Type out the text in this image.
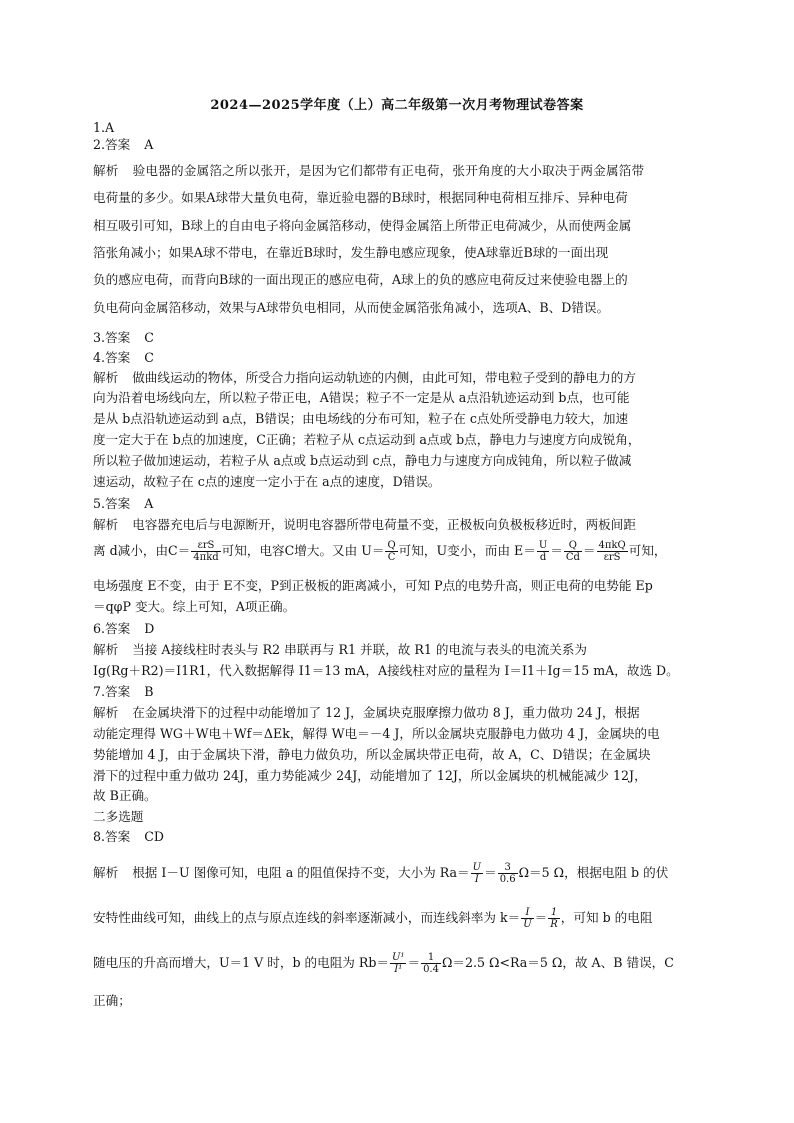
2024—2025学年度（上）高二年级第一次月考物理试卷答案
1.A
2.答案 A
解析 验电器的金属箔之所以张开，是因为它们都带有正电荷，张开角度的大小取决于两金属箔带
电荷量的多少。如果A球带大量负电荷，靠近验电器的B球时，根据同种电荷相互排斥、异种电荷
相互吸引可知，B球上的自由电子将向金属箔移动，使得金属箔上所带正电荷减少，从而使两金属
箔张角减小；如果A球不带电，在靠近B球时，发生静电感应现象，使A球靠近B球的一面出现
负的感应电荷，而背向B球的一面出现正的感应电荷，A球上的负的感应电荷反过来使验电器上的
负电荷向金属箔移动，效果与A球带负电相同，从而使金属箔张角减小，选项A、B、D错误。
3.答案 C
4.答案 C
解析 做曲线运动的物体，所受合力指向运动轨迹的内侧，由此可知，带电粒子受到的静电力的方
向为沿着电场线向左，所以粒子带正电，A错误；粒子不一定是从 a点沿轨迹运动到 b点，也可能
是从 b点沿轨迹运动到 a点，B错误；由电场线的分布可知，粒子在 c点处所受静电力较大，加速
度一定大于在 b点的加速度，C正确；若粒子从 c点运动到 a点或 b点，静电力与速度方向成锐角，
所以粒子做加速运动，若粒子从 a点或 b点运动到 c点，静电力与速度方向成钝角，所以粒子做减
速运动，故粒子在 c点的速度一定小于在 a点的速度，D错误。
5.答案 A
解析 电容器充电后与电源断开，说明电容器所带电荷量不变，正极板向负极板移近时，两板间距
离 d减小，由$C= \frac{\text{εrS}}{\text{4πkd}}$ 可知，电容C增大。又由 $U= \frac{Q}{C}$ 可知，U变小，而由 $E= \frac{U}{d} = \frac{Q}{Cd} = \frac{\text{4πkQ}}{\text{εrS}}$ 可知，
电场强度 E不变，由于 E不变，P到正极板的距离减小，可知 P点的电势升高，则正电荷的电势能 Ep
＝qφP 变大。综上可知，A项正确。
6.答案 D
解析 当接 A接线柱时表头与 R2 串联再与 R1 并联，故 R1 的电流与表头的电流关系为
Ig(Rg＋R2)＝I1R1，代入数据解得 I1＝13 mA，A接线柱对应的量程为 I＝I1＋Ig＝15 mA，故选 D。
7.答案 B
解析 在金属块滑下的过程中动能增加了 12 J，金属块克服摩擦力做功 8 J，重力做功 24 J，根据
动能定理得 WG＋W电＋Wf＝ΔEk，解得 W电＝－4 J，所以金属块克服静电力做功 4 J，金属块的电
势能增加 4 J，由于金属块下滑，静电力做负功，所以金属块带正电荷，故 A，C、D错误；在金属块
滑下的过程中重力做功 24J，重力势能减少 24J，动能增加了 12J，所以金属块的机械能减少 12J，
故 B正确。
二多选题
8.答案 CD
解析 根据 I－U 图像可知，电阻 a 的阻值保持不变，大小为 $Ra= \frac{U}{I} = \frac{3}{0.6} \Omega=5$ Ω，根据电阻 b 的伏
安特性曲线可知，曲线上的点与原点连线的斜率逐渐减小，而连线斜率为 $k= \frac{I}{U} = \frac{1}{R}$ ，可知 b 的电阻
随电压的升高而增大，U＝1 V 时，b 的电阻为 $Rb= \frac{\text{U¹}}{\text{I¹}} = \frac{1}{0.4} \Omega=2.5$ Ω<Ra＝5 Ω，故 A、B 错误，C
正确；
